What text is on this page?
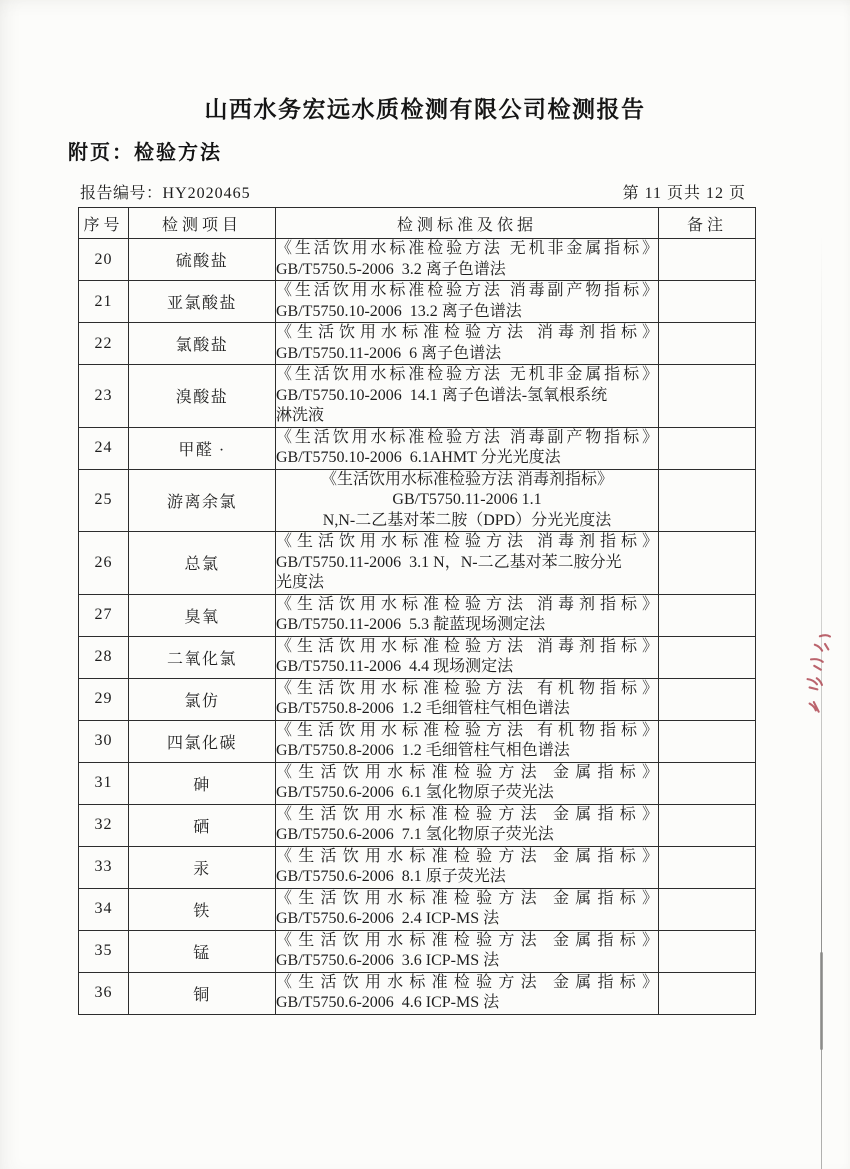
山西水务宏远水质检测有限公司检测报告
附页：检验方法
报告编号：HY2020465	第 11 页共 12 页
序号	检测项目	检测标准及依据	备注
20	硫酸盐	《生活饮用水标准检验方法 无机非金属指标》
GB/T5750.5-2006  3.2 离子色谱法	

21	亚氯酸盐	《生活饮用水标准检验方法 消毒副产物指标》
GB/T5750.10-2006  13.2 离子色谱法	

22	氯酸盐	《生活饮用水标准检验方法 消毒剂指标》
GB/T5750.11-2006  6 离子色谱法	

23	溴酸盐	《生活饮用水标准检验方法 无机非金属指标》
GB/T5750.10-2006  14.1 离子色谱法-氢氧根系统
淋洗液	

24	甲醛 ·	《生活饮用水标准检验方法 消毒副产物指标》
GB/T5750.10-2006  6.1AHMT 分光光度法	

25	游离余氯	《生活饮用水标准检验方法 消毒剂指标》
GB/T5750.11-2006 1.1
N,N-二乙基对苯二胺（DPD）分光光度法	

26	总氯	《生活饮用水标准检验方法 消毒剂指标》
GB/T5750.11-2006  3.1 N，N-二乙基对苯二胺分光
光度法	

27	臭氧	《生活饮用水标准检验方法 消毒剂指标》
GB/T5750.11-2006  5.3 靛蓝现场测定法	

28	二氧化氯	《生活饮用水标准检验方法 消毒剂指标》
GB/T5750.11-2006  4.4 现场测定法	

29	氯仿	《生活饮用水标准检验方法 有机物指标》
GB/T5750.8-2006  1.2 毛细管柱气相色谱法	

30	四氯化碳	《生活饮用水标准检验方法 有机物指标》
GB/T5750.8-2006  1.2 毛细管柱气相色谱法	

31	砷	《生活饮用水标准检验方法 金属指标》
GB/T5750.6-2006  6.1 氢化物原子荧光法	

32	硒	《生活饮用水标准检验方法 金属指标》
GB/T5750.6-2006  7.1 氢化物原子荧光法	

33	汞	《生活饮用水标准检验方法 金属指标》
GB/T5750.6-2006  8.1 原子荧光法	

34	铁	《生活饮用水标准检验方法 金属指标》
GB/T5750.6-2006  2.4 ICP-MS 法	

35	锰	《生活饮用水标准检验方法 金属指标》
GB/T5750.6-2006  3.6 ICP-MS 法	

36	铜	《生活饮用水标准检验方法 金属指标》
GB/T5750.6-2006  4.6 ICP-MS 法	
